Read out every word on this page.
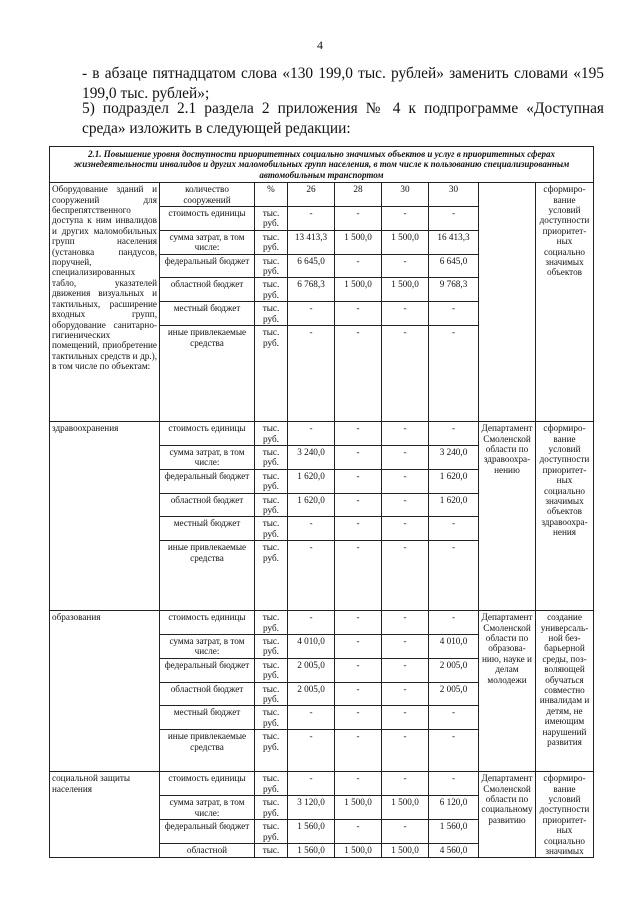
4
- в абзаце пятнадцатом слова «130 199,0 тыс. рублей» заменить словами «195 199,0 тыс. рублей»;
5) подраздел 2.1 раздела 2 приложения № 4 к подпрограмме «Доступная среда» изложить в следующей редакции:
2.1. Повышение уровня доступности приоритетных социально значимых объектов и услуг в приоритетных сферах жизнедеятельности инвалидов и других маломобильных групп населения, в том числе к пользованию специализированным автомобильным транспортом								
Оборудование зданий и сооружений для беспрепятственного доступа к ним инвалидов и других маломобильных групп населения (установка пандусов, поручней, специализированных табло, указателей движения визуальных и тактильных, расширение входных групп, оборудование санитарно-гигиенических помещений, приобретение тактильных средств и др.), в том числе по объектам:	количество сооружений	%	26	28	30	30		сформиро-вание условий доступности приоритет-ных социально значимых объектов
	стоимость единицы	тыс. руб.	-	-	-	-		
	сумма затрат, в том числе:	тыс. руб.	13 413,3	1 500,0	1 500,0	16 413,3		
	федеральный бюджет	тыс. руб.	6 645,0	-	-	6 645,0		
	областной бюджет	тыс. руб.	6 768,3	1 500,0	1 500,0	9 768,3		
	местный бюджет	тыс. руб.	-	-	-	-		
	иные привлекаемые средства	тыс. руб.	-	-	-	-		
здравоохранения	стоимость единицы	тыс. руб.	-	-	-	-	Департамент Смоленской области по здравоохра-нению	сформиро-вание условий доступности приоритет-ных социально значимых объектов здравоохра-нения
	сумма затрат, в том числе:	тыс. руб.	3 240,0	-	-	3 240,0		
	федеральный бюджет	тыс. руб.	1 620,0	-	-	1 620,0		
	областной бюджет	тыс. руб.	1 620,0	-	-	1 620,0		
	местный бюджет	тыс. руб.	-	-	-	-		
	иные привлекаемые средства	тыс. руб.	-	-	-	-		
образования	стоимость единицы	тыс. руб.	-	-	-	-	Департамент Смоленской области по образова-нию, науке и делам молодежи	создание универсаль-ной без-барьерной среды, поз-воляющей обучаться совместно инвалидам и детям, не имеющим нарушений развития
	сумма затрат, в том числе:	тыс. руб.	4 010,0	-	-	4 010,0		
	федеральный бюджет	тыс. руб.	2 005,0	-	-	2 005,0		
	областной бюджет	тыс. руб.	2 005,0	-	-	2 005,0		
	местный бюджет	тыс. руб.	-	-	-	-		
	иные привлекаемые средства	тыс. руб.	-	-	-	-		
социальной защиты населения	стоимость единицы	тыс. руб.	-	-	-	-	Департамент Смоленской области по социальному развитию	сформиро-вание условий доступности приоритет-ных социально значимых
	сумма затрат, в том числе:	тыс. руб.	3 120,0	1 500,0	1 500,0	6 120,0		
	федеральный бюджет	тыс. руб.	1 560,0	-	-	1 560,0		
	областной	тыс.	1 560,0	1 500,0	1 500,0	4 560,0		
